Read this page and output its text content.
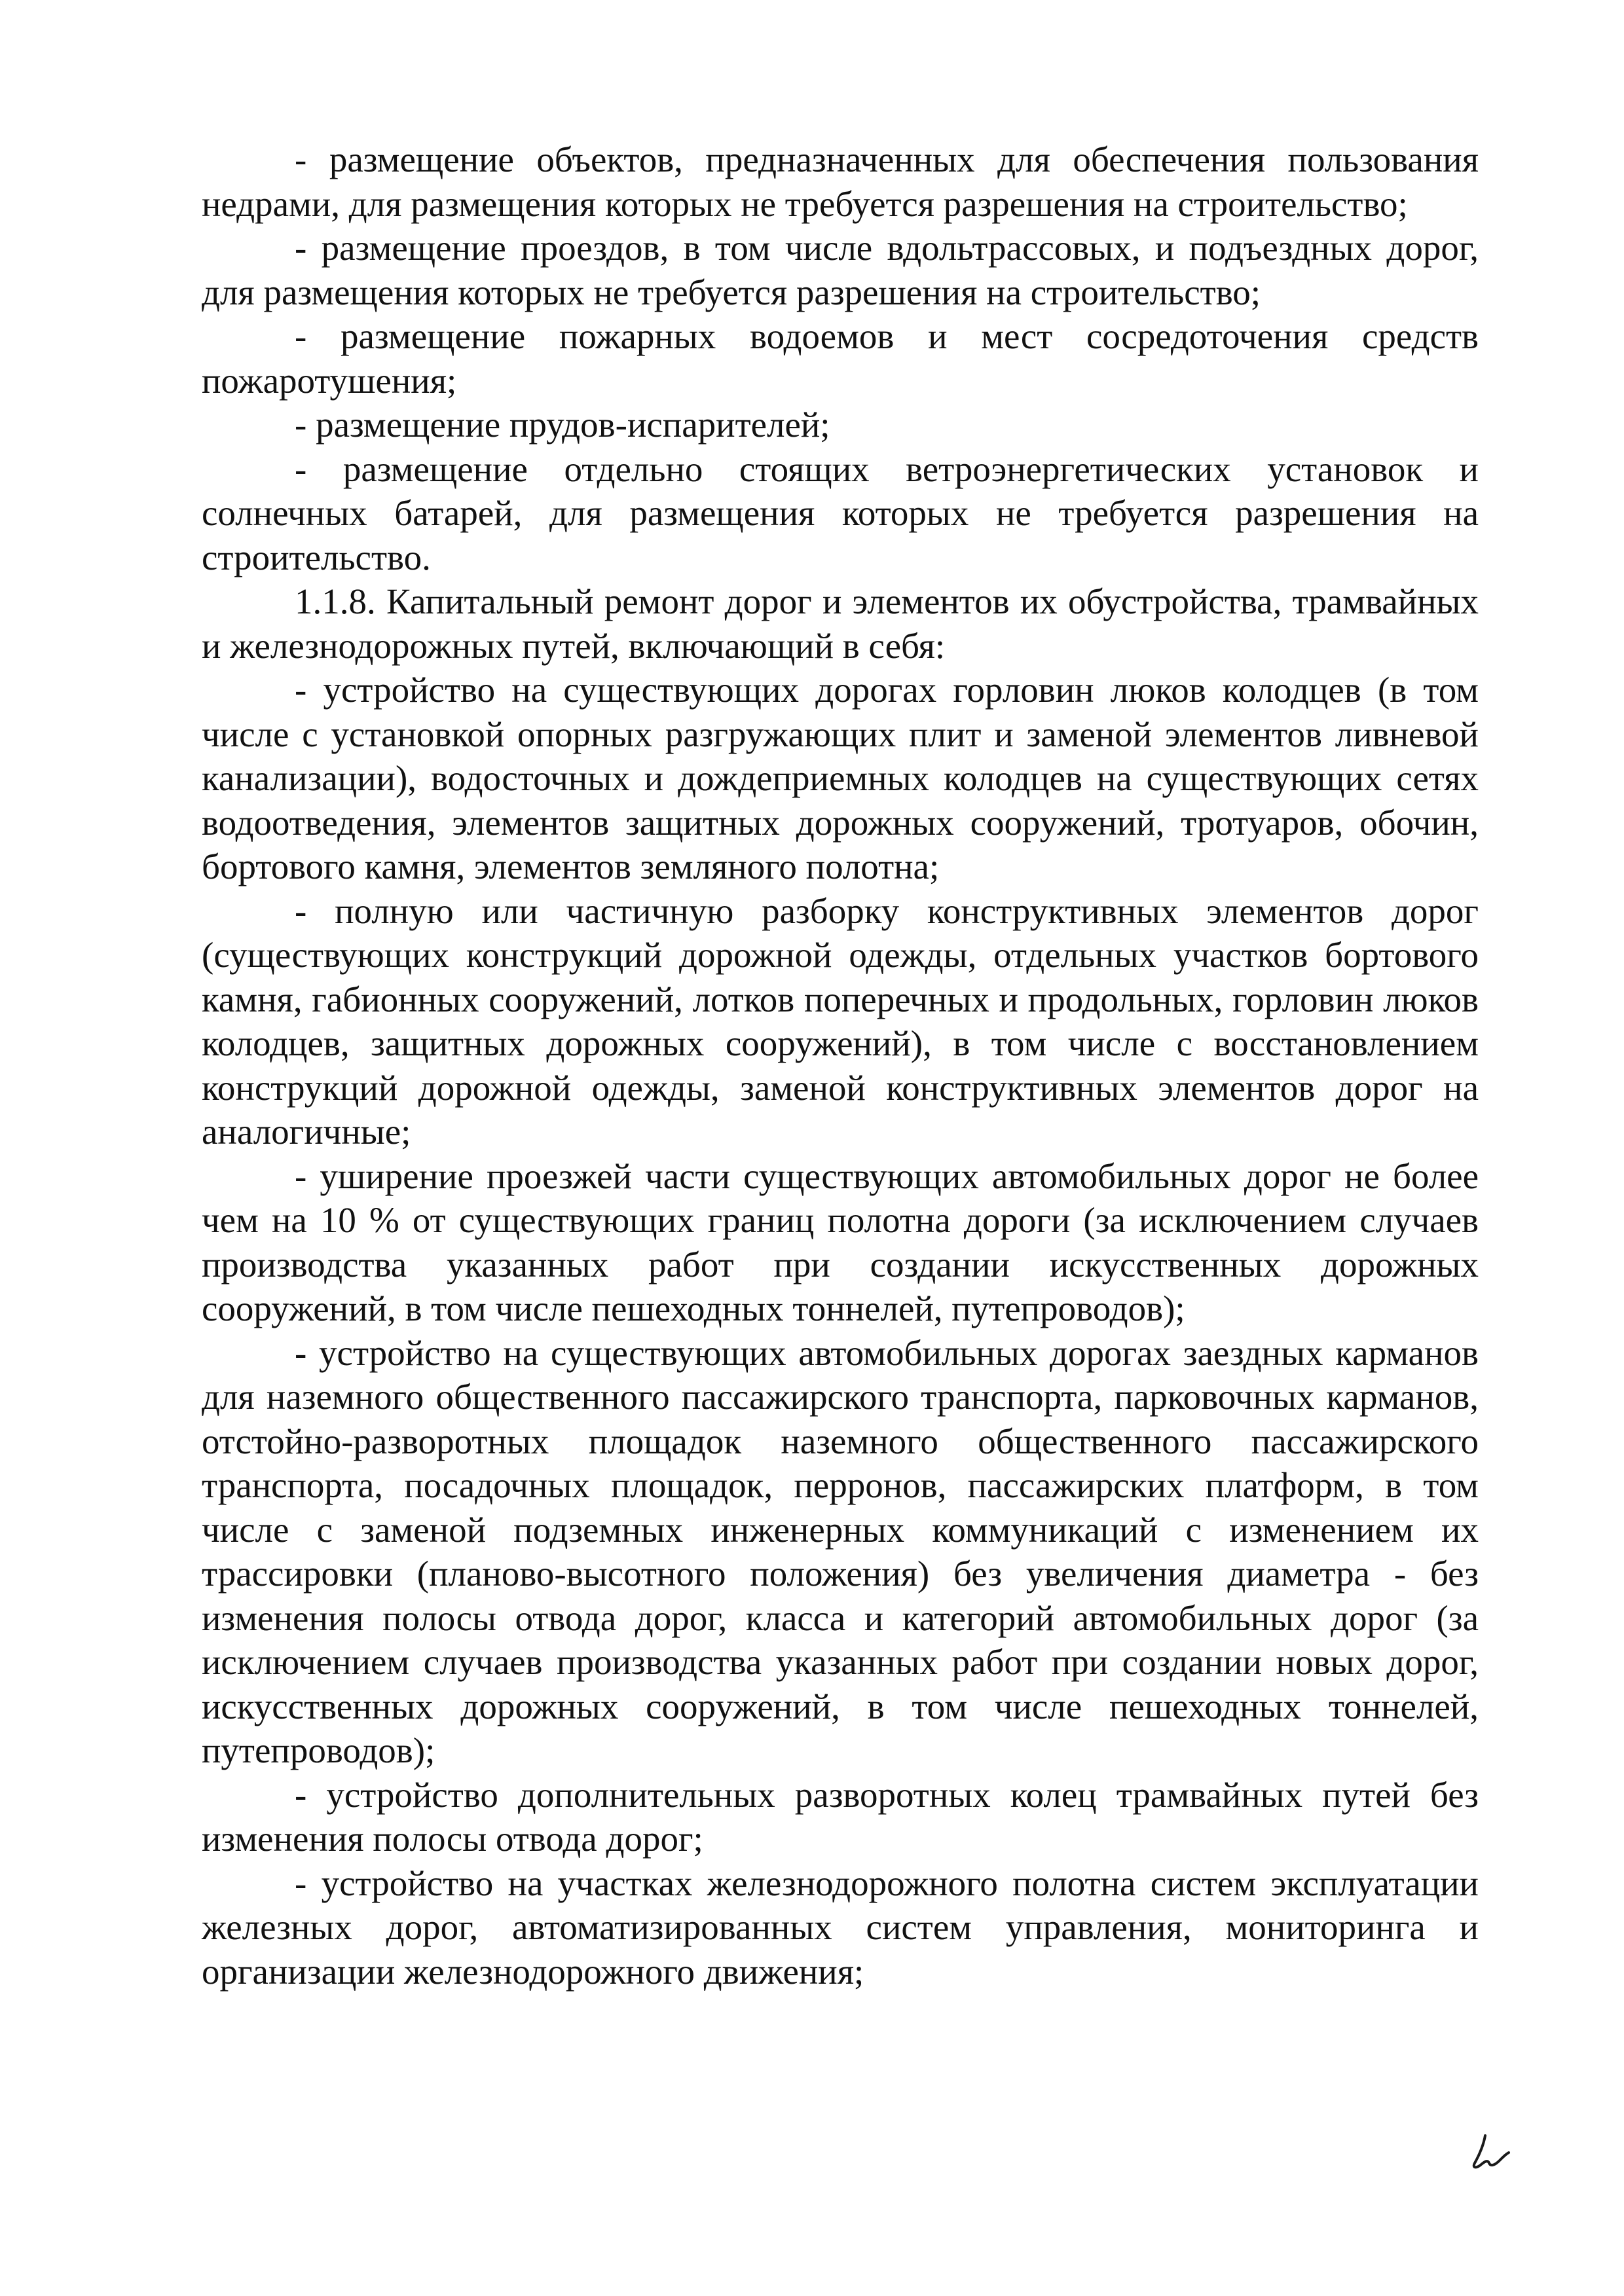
- размещение объектов, предназначенных для обеспечения пользования недрами, для размещения которых не требуется разрешения на строительство;

- размещение проездов, в том числе вдольтрассовых, и подъездных дорог, для размещения которых не требуется разрешения на строительство;

- размещение пожарных водоемов и мест сосредоточения средств пожаротушения;

- размещение прудов-испарителей;

- размещение отдельно стоящих ветроэнергетических установок и солнечных батарей, для размещения которых не требуется разрешения на строительство.

1.1.8. Капитальный ремонт дорог и элементов их обустройства, трамвайных и железнодорожных путей, включающий в себя:

- устройство на существующих дорогах горловин люков колодцев (в том числе с установкой опорных разгружающих плит и заменой элементов ливневой канализации), водосточных и дождеприемных колодцев на существующих сетях водоотведения, элементов защитных дорожных сооружений, тротуаров, обочин, бортового камня, элементов земляного полотна;

- полную или частичную разборку конструктивных элементов дорог (существующих конструкций дорожной одежды, отдельных участков бортового камня, габионных сооружений, лотков поперечных и продольных, горловин люков колодцев, защитных дорожных сооружений), в том числе с восстановлением конструкций дорожной одежды, заменой конструктивных элементов дорог на аналогичные;

- уширение проезжей части существующих автомобильных дорог не более чем на 10 % от существующих границ полотна дороги (за исключением случаев производства указанных работ при создании искусственных дорожных сооружений, в том числе пешеходных тоннелей, путепроводов);

- устройство на существующих автомобильных дорогах заездных карманов для наземного общественного пассажирского транспорта, парковочных карманов, отстойно-разворотных площадок наземного общественного пассажирского транспорта, посадочных площадок, перронов, пассажирских платформ, в том числе с заменой подземных инженерных коммуникаций с изменением их трассировки (планово-высотного положения) без увеличения диаметра - без изменения полосы отвода дорог, класса и категорий автомобильных дорог (за исключением случаев производства указанных работ при создании новых дорог, искусственных дорожных сооружений, в том числе пешеходных тоннелей, путепроводов);

- устройство дополнительных разворотных колец трамвайных путей без изменения полосы отвода дорог;

- устройство на участках железнодорожного полотна систем эксплуатации железных дорог, автоматизированных систем управления, мониторинга и организации железнодорожного движения;
